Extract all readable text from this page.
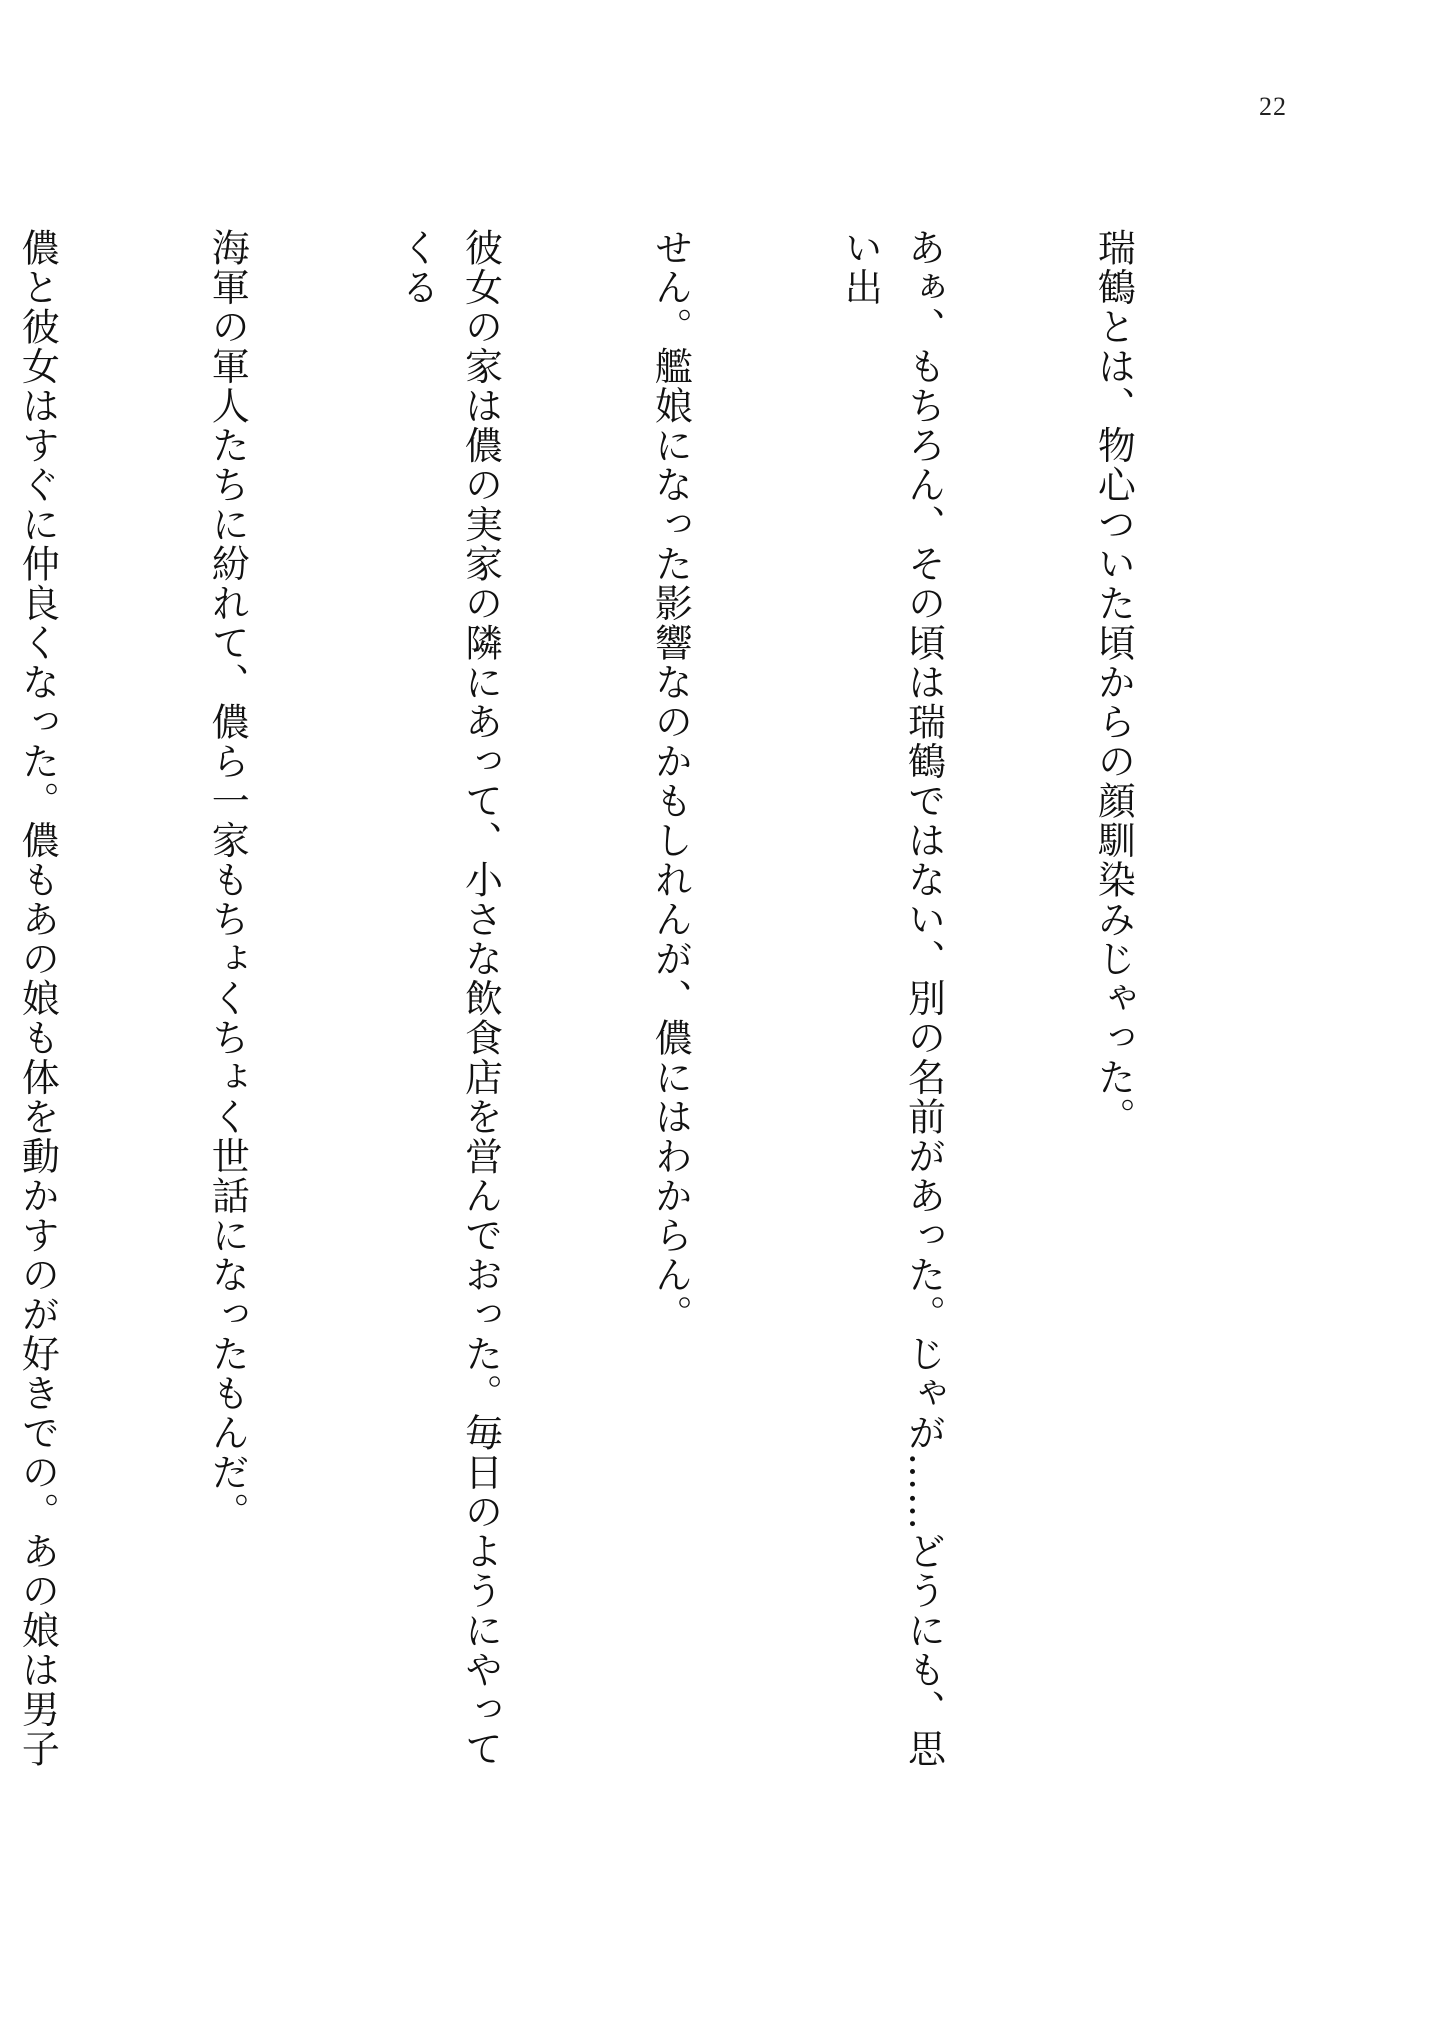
22

瑞鶴とは、物心ついた頃からの顔馴染みじゃった。

あぁ、もちろん、その頃は瑞鶴ではない、別の名前があった。じゃが……どうにも、思い出

せん。艦娘になった影響なのかもしれんが、儂にはわからん。

彼女の家は儂の実家の隣にあって、小さな飲食店を営んでおった。毎日のようにやってくる

海軍の軍人たちに紛れて、儂ら一家もちょくちょく世話になったもんだ。

儂と彼女はすぐに仲良くなった。儂もあの娘も体を動かすのが好きでの。あの娘は男子
